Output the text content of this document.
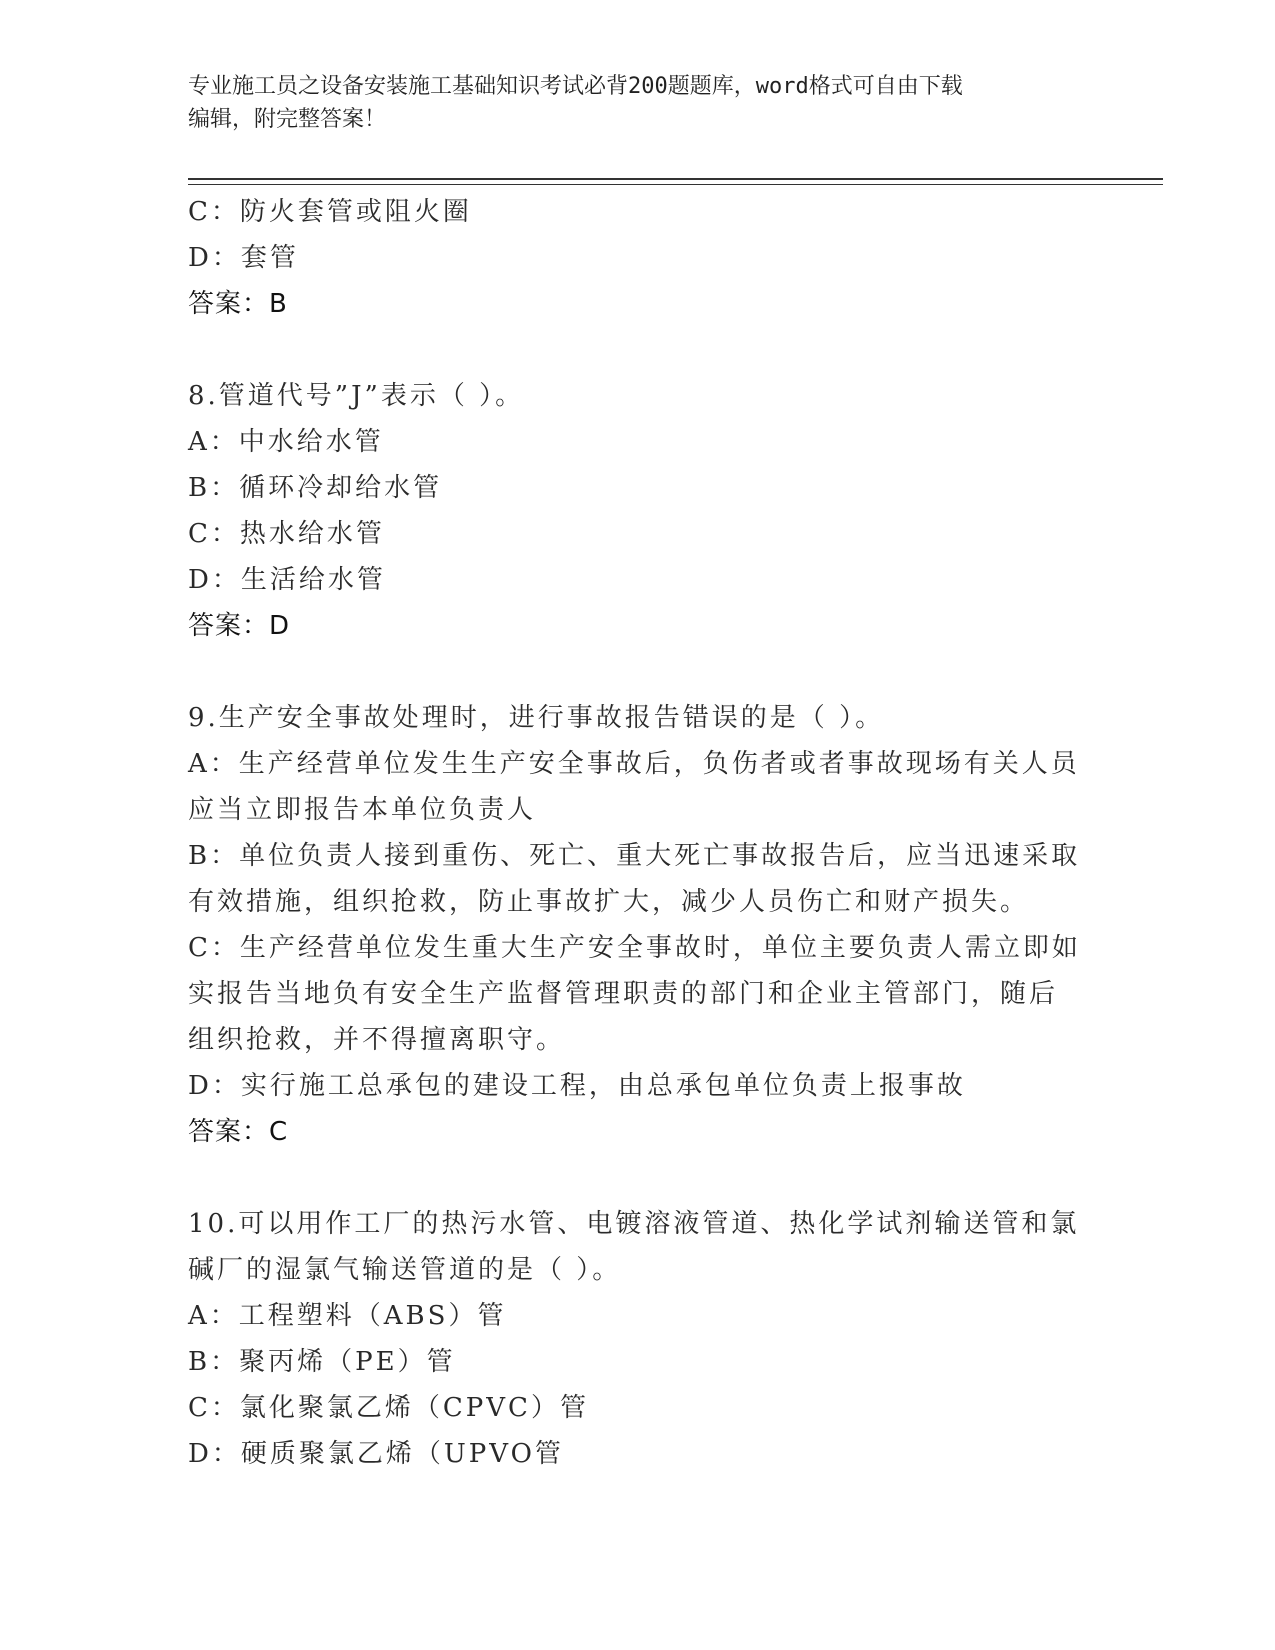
专业施工员之设备安装施工基础知识考试必背200题题库，word格式可自由下载
编辑，附完整答案！
C：防火套管或阻火圈
D：套管
答案：B
8.管道代号”J”表示（ ）。
A：中水给水管
B：循环冷却给水管
C：热水给水管
D：生活给水管
答案：D
9.生产安全事故处理时，进行事故报告错误的是（ ）。
A：生产经营单位发生生产安全事故后，负伤者或者事故现场有关人员
应当立即报告本单位负责人
B：单位负责人接到重伤、死亡、重大死亡事故报告后，应当迅速采取
有效措施，组织抢救，防止事故扩大，减少人员伤亡和财产损失。
C：生产经营单位发生重大生产安全事故时，单位主要负责人需立即如
实报告当地负有安全生产监督管理职责的部门和企业主管部门，随后
组织抢救，并不得擅离职守。
D：实行施工总承包的建设工程，由总承包单位负责上报事故
答案：C
10.可以用作工厂的热污水管、电镀溶液管道、热化学试剂输送管和氯
碱厂的湿氯气输送管道的是（ ）。
A：工程塑料（ABS）管
B：聚丙烯（PE）管
C：氯化聚氯乙烯（CPVC）管
D：硬质聚氯乙烯（UPVO管
